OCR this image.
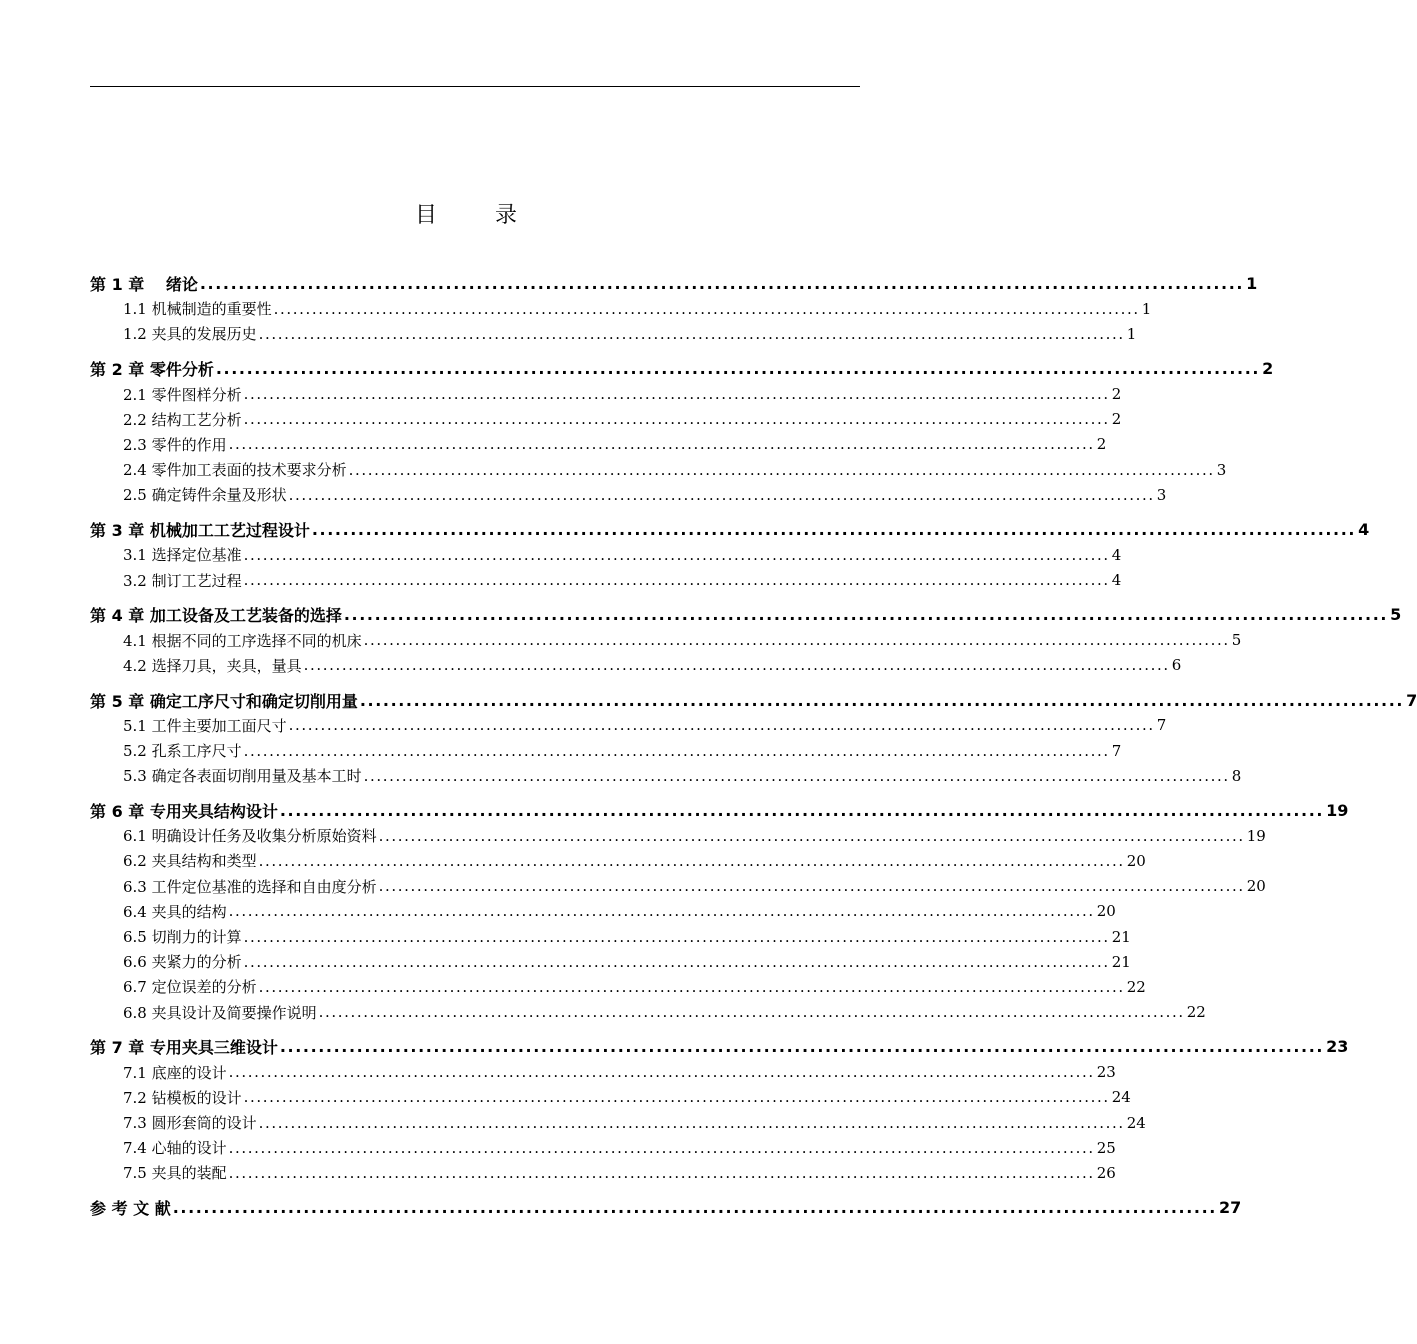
目　录
第 1 章　 绪论 ........................................................................................................................................ 1
1.1 机械制造的重要性 ........................................................................................................................................ 1
1.2 夹具的发展历史 ........................................................................................................................................ 1
第 2 章 零件分析 ........................................................................................................................................ 2
2.1 零件图样分析 ........................................................................................................................................ 2
2.2 结构工艺分析 ........................................................................................................................................ 2
2.3 零件的作用 ........................................................................................................................................ 2
2.4 零件加工表面的技术要求分析 ........................................................................................................................................ 3
2.5 确定铸件余量及形状 ........................................................................................................................................ 3
第 3 章 机械加工工艺过程设计 ........................................................................................................................................ 4
3.1 选择定位基准 ........................................................................................................................................ 4
3.2 制订工艺过程 ........................................................................................................................................ 4
第 4 章 加工设备及工艺装备的选择 ........................................................................................................................................ 5
4.1 根据不同的工序选择不同的机床 ........................................................................................................................................ 5
4.2 选择刀具，夹具，量具 ........................................................................................................................................ 6
第 5 章 确定工序尺寸和确定切削用量 ........................................................................................................................................ 7
5.1 工件主要加工面尺寸 ........................................................................................................................................ 7
5.2 孔系工序尺寸 ........................................................................................................................................ 7
5.3 确定各表面切削用量及基本工时 ........................................................................................................................................ 8
第 6 章 专用夹具结构设计 ........................................................................................................................................ 19
6.1 明确设计任务及收集分析原始资料 ........................................................................................................................................ 19
6.2 夹具结构和类型 ........................................................................................................................................ 20
6.3 工件定位基准的选择和自由度分析 ........................................................................................................................................ 20
6.4 夹具的结构 ........................................................................................................................................ 20
6.5 切削力的计算 ........................................................................................................................................ 21
6.6 夹紧力的分析 ........................................................................................................................................ 21
6.7 定位误差的分析 ........................................................................................................................................ 22
6.8 夹具设计及简要操作说明 ........................................................................................................................................ 22
第 7 章 专用夹具三维设计 ........................................................................................................................................ 23
7.1 底座的设计 ........................................................................................................................................ 23
7.2 钻模板的设计 ........................................................................................................................................ 24
7.3 圆形套筒的设计 ........................................................................................................................................ 24
7.4 心轴的设计 ........................................................................................................................................ 25
7.5 夹具的装配 ........................................................................................................................................ 26
参 考 文 献 ........................................................................................................................................ 27
